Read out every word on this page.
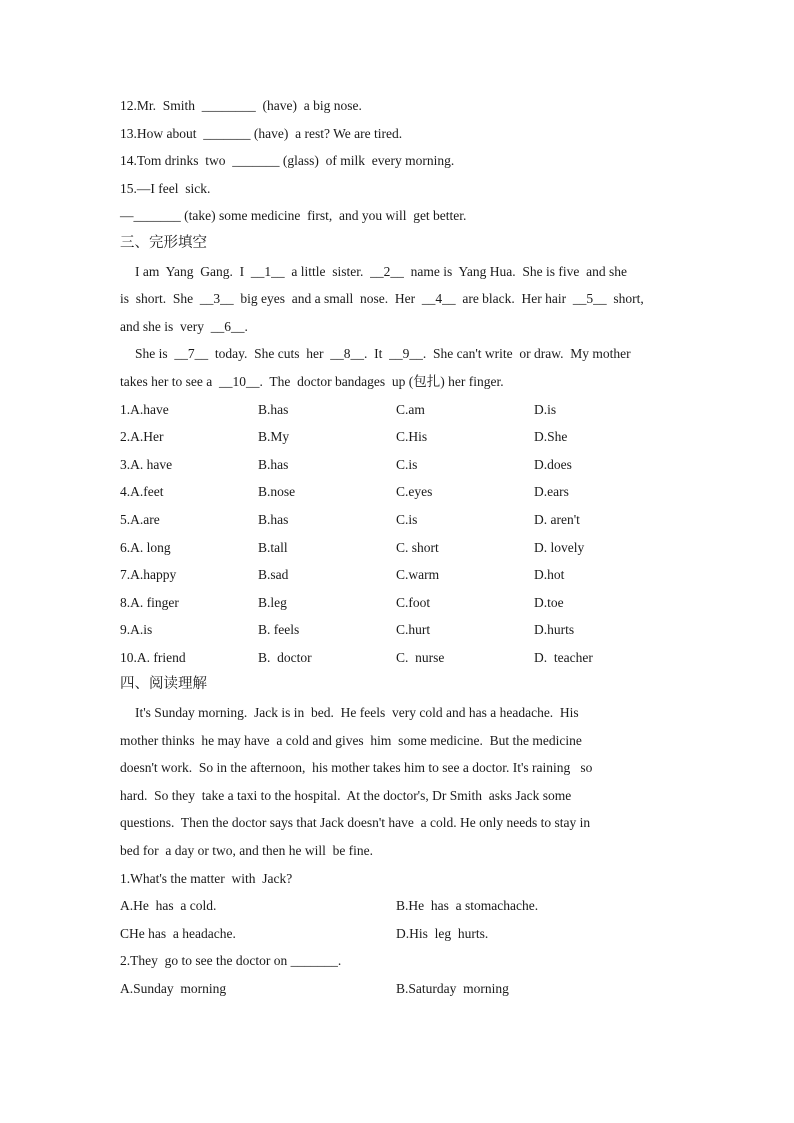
12.Mr.  Smith  ________  (have)  a big nose.
13.How about  _______ (have)  a rest? We are tired.
14.Tom drinks  two  _______ (glass)  of milk  every morning.
15.—I feel  sick.
—_______ (take) some medicine  first,  and you will  get better.
三、完形填空
I am  Yang  Gang.  I  __1__  a little  sister.  __2__  name is  Yang Hua.  She is five  and she
is  short.  She  __3__  big eyes  and a small  nose.  Her  __4__  are black.  Her hair  __5__  short,
and she is  very  __6__.
She is  __7__  today.  She cuts  her  __8__.  It  __9__.  She can't write  or draw.  My mother
takes her to see a  __10__.  The  doctor bandages  up (包扎) her finger.
1.A.have	B.has	C.am	D.is
2.A.Her	B.My	C.His	D.She
3.A. have	B.has	C.is	D.does
4.A.feet	B.nose	C.eyes	D.ears
5.A.are	B.has	C.is	D. aren't
6.A. long	B.tall	C. short	D. lovely
7.A.happy	B.sad	C.warm	D.hot
8.A. finger	B.leg	C.foot	D.toe
9.A.is	B. feels	C.hurt	D.hurts
10.A. friend	B.  doctor	C.  nurse	D.  teacher
四、阅读理解
It's Sunday morning.  Jack is in  bed.  He feels  very cold and has a headache.  His
mother thinks  he may have  a cold and gives  him  some medicine.  But the medicine
doesn't work.  So in the afternoon,  his mother takes him to see a doctor. It's raining   so
hard.  So they  take a taxi to the hospital.  At the doctor's, Dr Smith  asks Jack some
questions.  Then the doctor says that Jack doesn't have  a cold. He only needs to stay in
bed for  a day or two, and then he will  be fine.
1.What's the matter  with  Jack?
A.He  has  a cold.	B.He  has  a stomachache.
CHe has  a headache.	D.His  leg  hurts.
2.They  go to see the doctor on _______.
A.Sunday  morning	B.Saturday  morning
